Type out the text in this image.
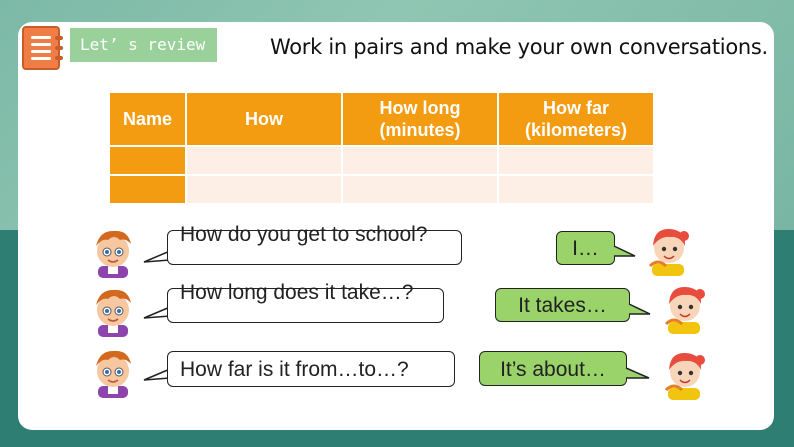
Let’ s review	Work in pairs and make your own conversations.
Name	How	How long (minutes)	How far (kilometers)

How do you get to school?
How long does it take…?
How far is it from…to…?
I…
It takes…
It’s about…
